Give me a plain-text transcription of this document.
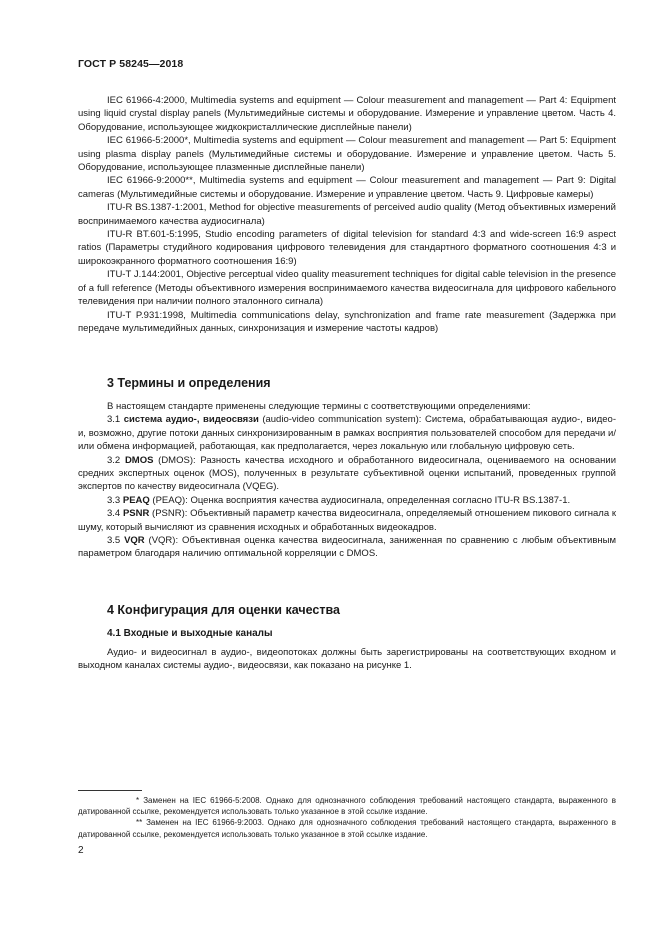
ГОСТ Р 58245—2018

IEC 61966-4:2000, Multimedia systems and equipment — Colour measurement and management — Part 4: Equipment using liquid crystal display panels (Мультимедийные системы и оборудование. Измерение и управление цветом. Часть 4. Оборудование, использующее жидкокристаллические дисплейные панели)

IEC 61966-5:2000*, Multimedia systems and equipment — Colour measurement and management — Part 5: Equipment using plasma display panels (Мультимедийные системы и оборудование. Измерение и управление цветом. Часть 5. Оборудование, использующее плазменные дисплейные панели)

IEC 61966-9:2000**, Multimedia systems and equipment — Colour measurement and management — Part 9: Digital cameras (Мультимедийные системы и оборудование. Измерение и управление цветом. Часть 9. Цифровые камеры)

ITU-R BS.1387-1:2001, Method for objective measurements of perceived audio quality (Метод объективных измерений воспринимаемого качества аудиосигнала)

ITU-R BT.601-5:1995, Studio encoding parameters of digital television for standard 4:3 and wide-screen 16:9 aspect ratios (Параметры студийного кодирования цифрового телевидения для стандартного форматного соотношения 4:3 и широкоэкранного форматного соотношения 16:9)

ITU-T J.144:2001, Objective perceptual video quality measurement techniques for digital cable television in the presence of a full reference (Методы объективного измерения воспринимаемого качества видеосигнала для цифрового кабельного телевидения при наличии полного эталонного сигнала)

ITU-T P.931:1998, Multimedia communications delay, synchronization and frame rate measurement (Задержка при передаче мультимедийных данных, синхронизация и измерение частоты кадров)

3 Термины и определения

В настоящем стандарте применены следующие термины с соответствующими определениями:

3.1 система аудио-, видеосвязи (audio-video communication system): Система, обрабатывающая аудио-, видео- и, возможно, другие потоки данных синхронизированным в рамках восприятия пользователей способом для передачи и/или обмена информацией, работающая, как предполагается, через локальную или глобальную цифровую сеть.

3.2 DMOS (DMOS): Разность качества исходного и обработанного видеосигнала, оцениваемого на основании средних экспертных оценок (MOS), полученных в результате субъективной оценки испытаний, проведенных группой экспертов по качеству видеосигнала (VQEG).

3.3 PEAQ (PEAQ): Оценка восприятия качества аудиосигнала, определенная согласно ITU-R BS.1387-1.

3.4 PSNR (PSNR): Объективный параметр качества видеосигнала, определяемый отношением пикового сигнала к шуму, который вычисляют из сравнения исходных и обработанных видеокадров.

3.5 VQR (VQR): Объективная оценка качества видеосигнала, заниженная по сравнению с любым объективным параметром благодаря наличию оптимальной корреляции с DMOS.

4 Конфигурация для оценки качества
4.1 Входные и выходные каналы

Аудио- и видеосигнал в аудио-, видеопотоках должны быть зарегистрированы на соответствующих входном и выходном каналах системы аудио-, видеосвязи, как показано на рисунке 1.

* Заменен на IEC 61966-5:2008. Однако для однозначного соблюдения требований настоящего стандарта, выраженного в датированной ссылке, рекомендуется использовать только указанное в этой ссылке издание.

** Заменен на IEC 61966-9:2003. Однако для однозначного соблюдения требований настоящего стандарта, выраженного в датированной ссылке, рекомендуется использовать только указанное в этой ссылке издание.

2
